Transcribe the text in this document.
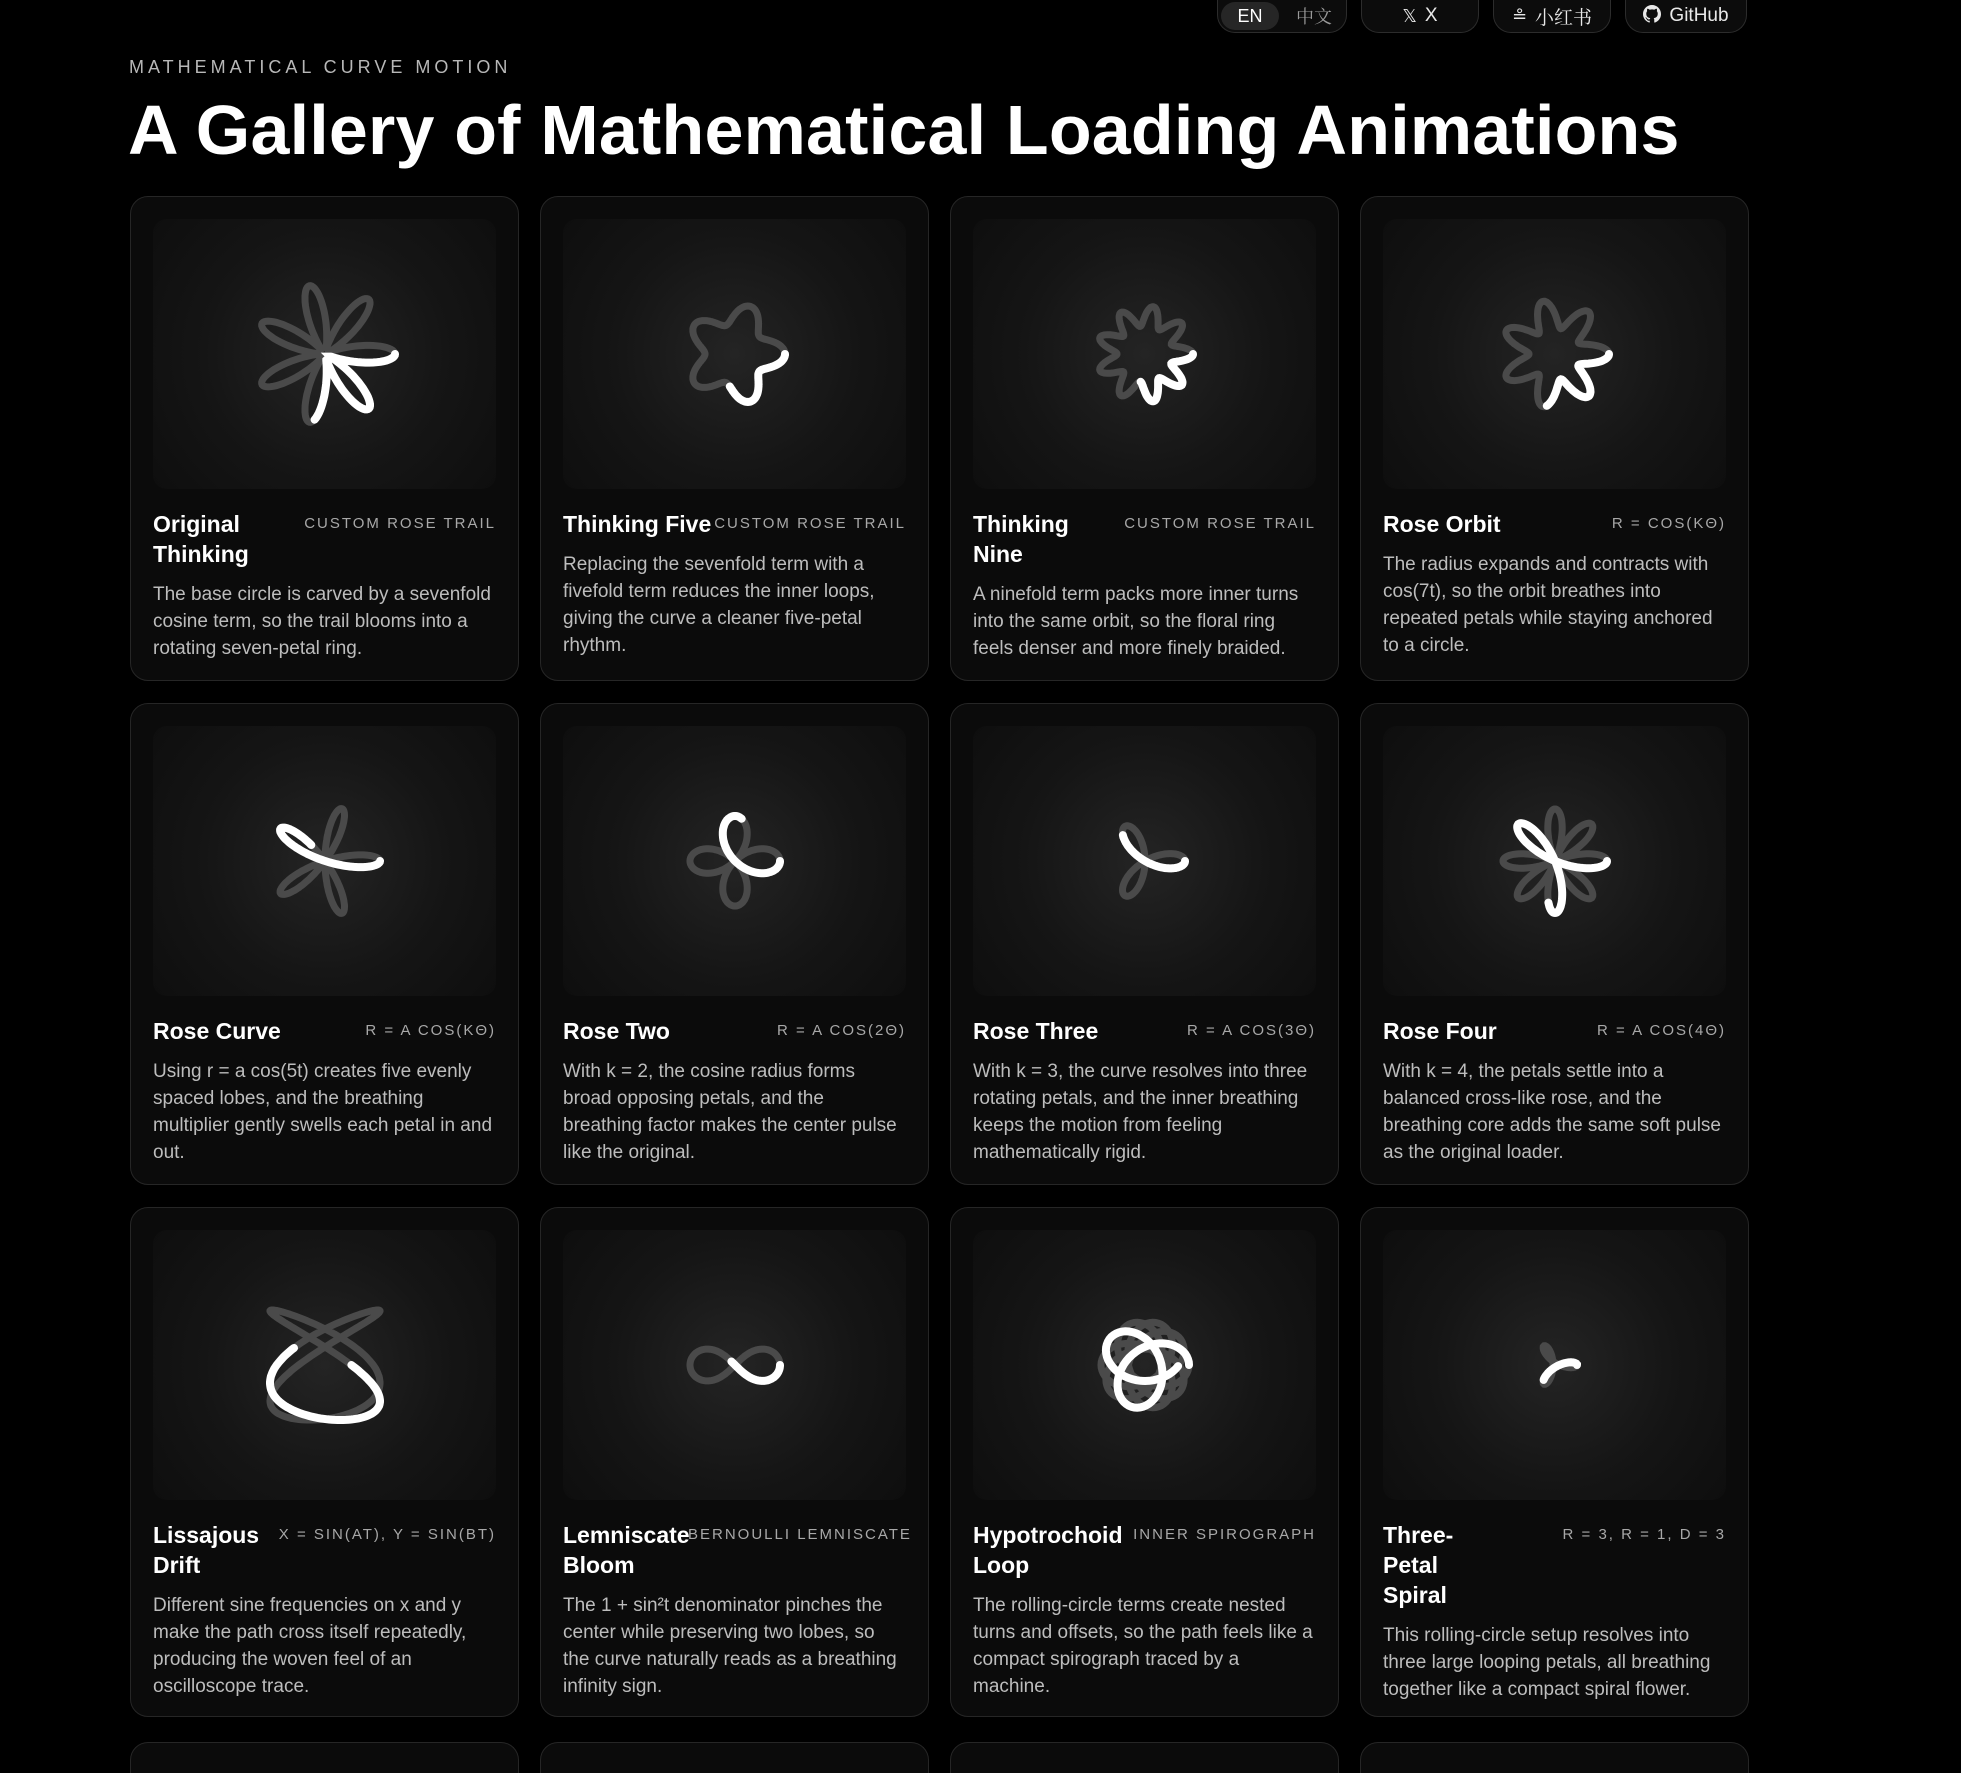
EN	中文	𝕏 X	≗ 小红书	GitHub
MATHEMATICAL CURVE MOTION
A Gallery of Mathematical Loading Animations
Original Thinking
CUSTOM ROSE TRAIL
The base circle is carved by a sevenfold cosine term, so the trail blooms into a rotating seven-petal ring.
Thinking Five CUSTOM ROSE TRAIL
Replacing the sevenfold term with a fivefold term reduces the inner loops, giving the curve a cleaner five-petal rhythm.
Thinking Nine
CUSTOM ROSE TRAIL
A ninefold term packs more inner turns into the same orbit, so the floral ring feels denser and more finely braided.
Rose Orbit	R = COS(KΘ)
The radius expands and contracts with cos(7t), so the orbit breathes into repeated petals while staying anchored to a circle.
Rose Curve	R = A COS(KΘ)
Using r = a cos(5t) creates five evenly spaced lobes, and the breathing multiplier gently swells each petal in and out.
Rose Two	R = A COS(2Θ)
With k = 2, the cosine radius forms broad opposing petals, and the breathing factor makes the center pulse like the original.
Rose Three	R = A COS(3Θ)
With k = 3, the curve resolves into three rotating petals, and the inner breathing keeps the motion from feeling mathematically rigid.
Rose Four	R = A COS(4Θ)
With k = 4, the petals settle into a balanced cross-like rose, and the breathing core adds the same soft pulse as the original loader.
Lissajous Drift
X = SIN(AT), Y = SIN(BT)
Different sine frequencies on x and y make the path cross itself repeatedly, producing the woven feel of an oscilloscope trace.
Lemniscate Bloom
BERNOULLI LEMNISCATE
The 1 + sin²t denominator pinches the center while preserving two lobes, so the curve naturally reads as a breathing infinity sign.
Hypotrochoid Loop
INNER SPIROGRAPH
The rolling-circle terms create nested turns and offsets, so the path feels like a compact spirograph traced by a machine.
Three-Petal Spiral
R = 3, R = 1, D = 3
This rolling-circle setup resolves into three large looping petals, all breathing together like a compact spiral flower.
